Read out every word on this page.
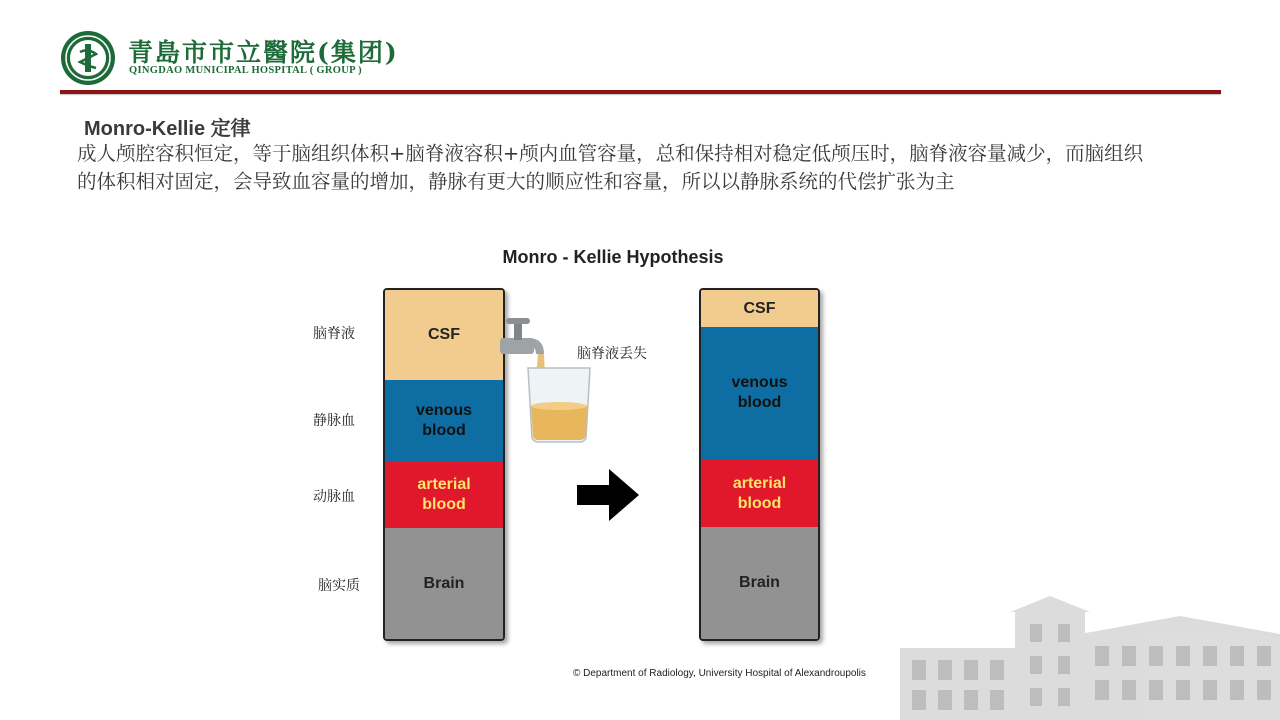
青島市市立醫院(集团)
QINGDAO MUNICIPAL HOSPITAL ( GROUP )
Monro-Kellie 定律
成人颅腔容积恒定，等于脑组织体积+脑脊液容积+颅内血管容量，总和保持相对稳定低颅压时，脑脊液容量减少，而脑组织的体积相对固定，会导致血容量的增加，静脉有更大的顺应性和容量，所以以静脉系统的代偿扩张为主
Monro - Kellie Hypothesis
脑脊液
静脉血
动脉血
脑实质
CSF
venous
blood
arterial
blood
Brain
脑脊液丢失
CSF
venous
blood
arterial
blood
Brain
© Department of Radiology, University Hospital of Alexandroupolis
